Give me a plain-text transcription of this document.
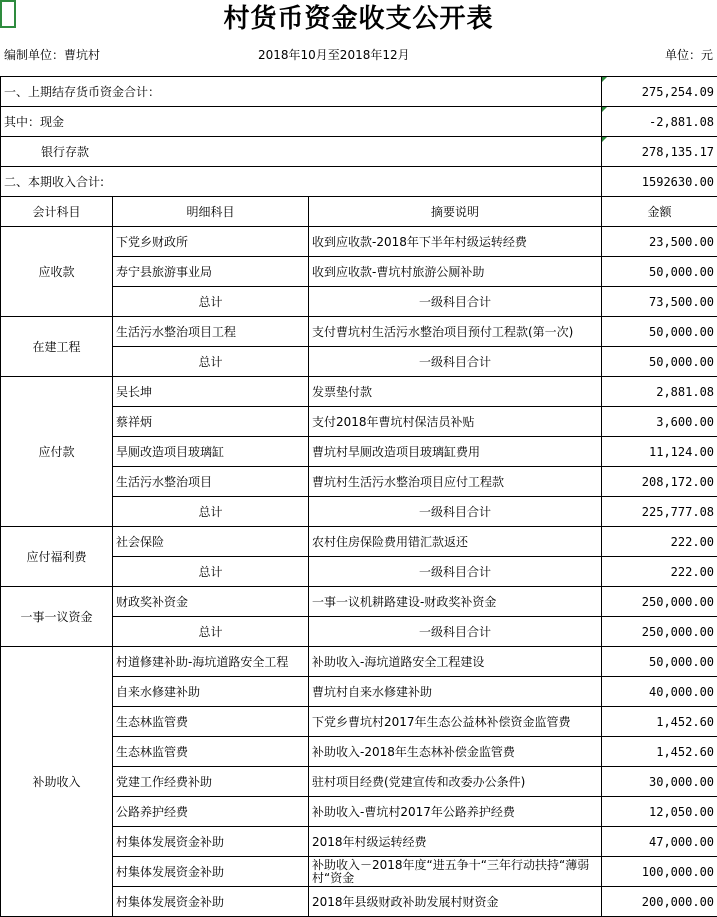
村货币资金收支公开表
编制单位：曹坑村	2018年10月至2018年12月	单位：元
一、上期结存货币资金合计：			275,254.09
其中：现金			-2,881.08
银行存款			278,135.17
二、本期收入合计:			1592630.00
会计科目	明细科目	摘要说明	金额
应收款	下党乡财政所	收到应收款-2018年下半年村级运转经费	23,500.00
	寿宁县旅游事业局	收到应收款-曹坑村旅游公厕补助	50,000.00
	总计	一级科目合计	73,500.00
在建工程	生活污水整治项目工程	支付曹坑村生活污水整治项目预付工程款(第一次)	50,000.00
	总计	一级科目合计	50,000.00
应付款	吴长坤	发票垫付款	2,881.08
	蔡祥炳	支付2018年曹坑村保洁员补贴	3,600.00
	旱厕改造项目玻璃缸	曹坑村旱厕改造项目玻璃缸费用	11,124.00
	生活污水整治项目	曹坑村生活污水整治项目应付工程款	208,172.00
	总计	一级科目合计	225,777.08
应付福利费	社会保险	农村住房保险费用错汇款返还	222.00
	总计	一级科目合计	222.00
一事一议资金	财政奖补资金	一事一议机耕路建设-财政奖补资金	250,000.00
	总计	一级科目合计	250,000.00
补助收入	村道修建补助-海坑道路安全工程	补助收入-海坑道路安全工程建设	50,000.00
	自来水修建补助	曹坑村自来水修建补助	40,000.00
	生态林监管费	下党乡曹坑村2017年生态公益林补偿资金监管费	1,452.60
	生态林监管费	补助收入-2018年生态林补偿金监管费	1,452.60
	党建工作经费补助	驻村项目经费(党建宣传和改委办公条件)	30,000.00
	公路养护经费	补助收入-曹坑村2017年公路养护经费	12,050.00
	村集体发展资金补助	2018年村级运转经费	47,000.00
	村集体发展资金补助	补助收入－2018年度“进五争十“三年行动扶持“薄弱村“资金	100,000.00
	村集体发展资金补助	2018年县级财政补助发展村财资金	200,000.00
